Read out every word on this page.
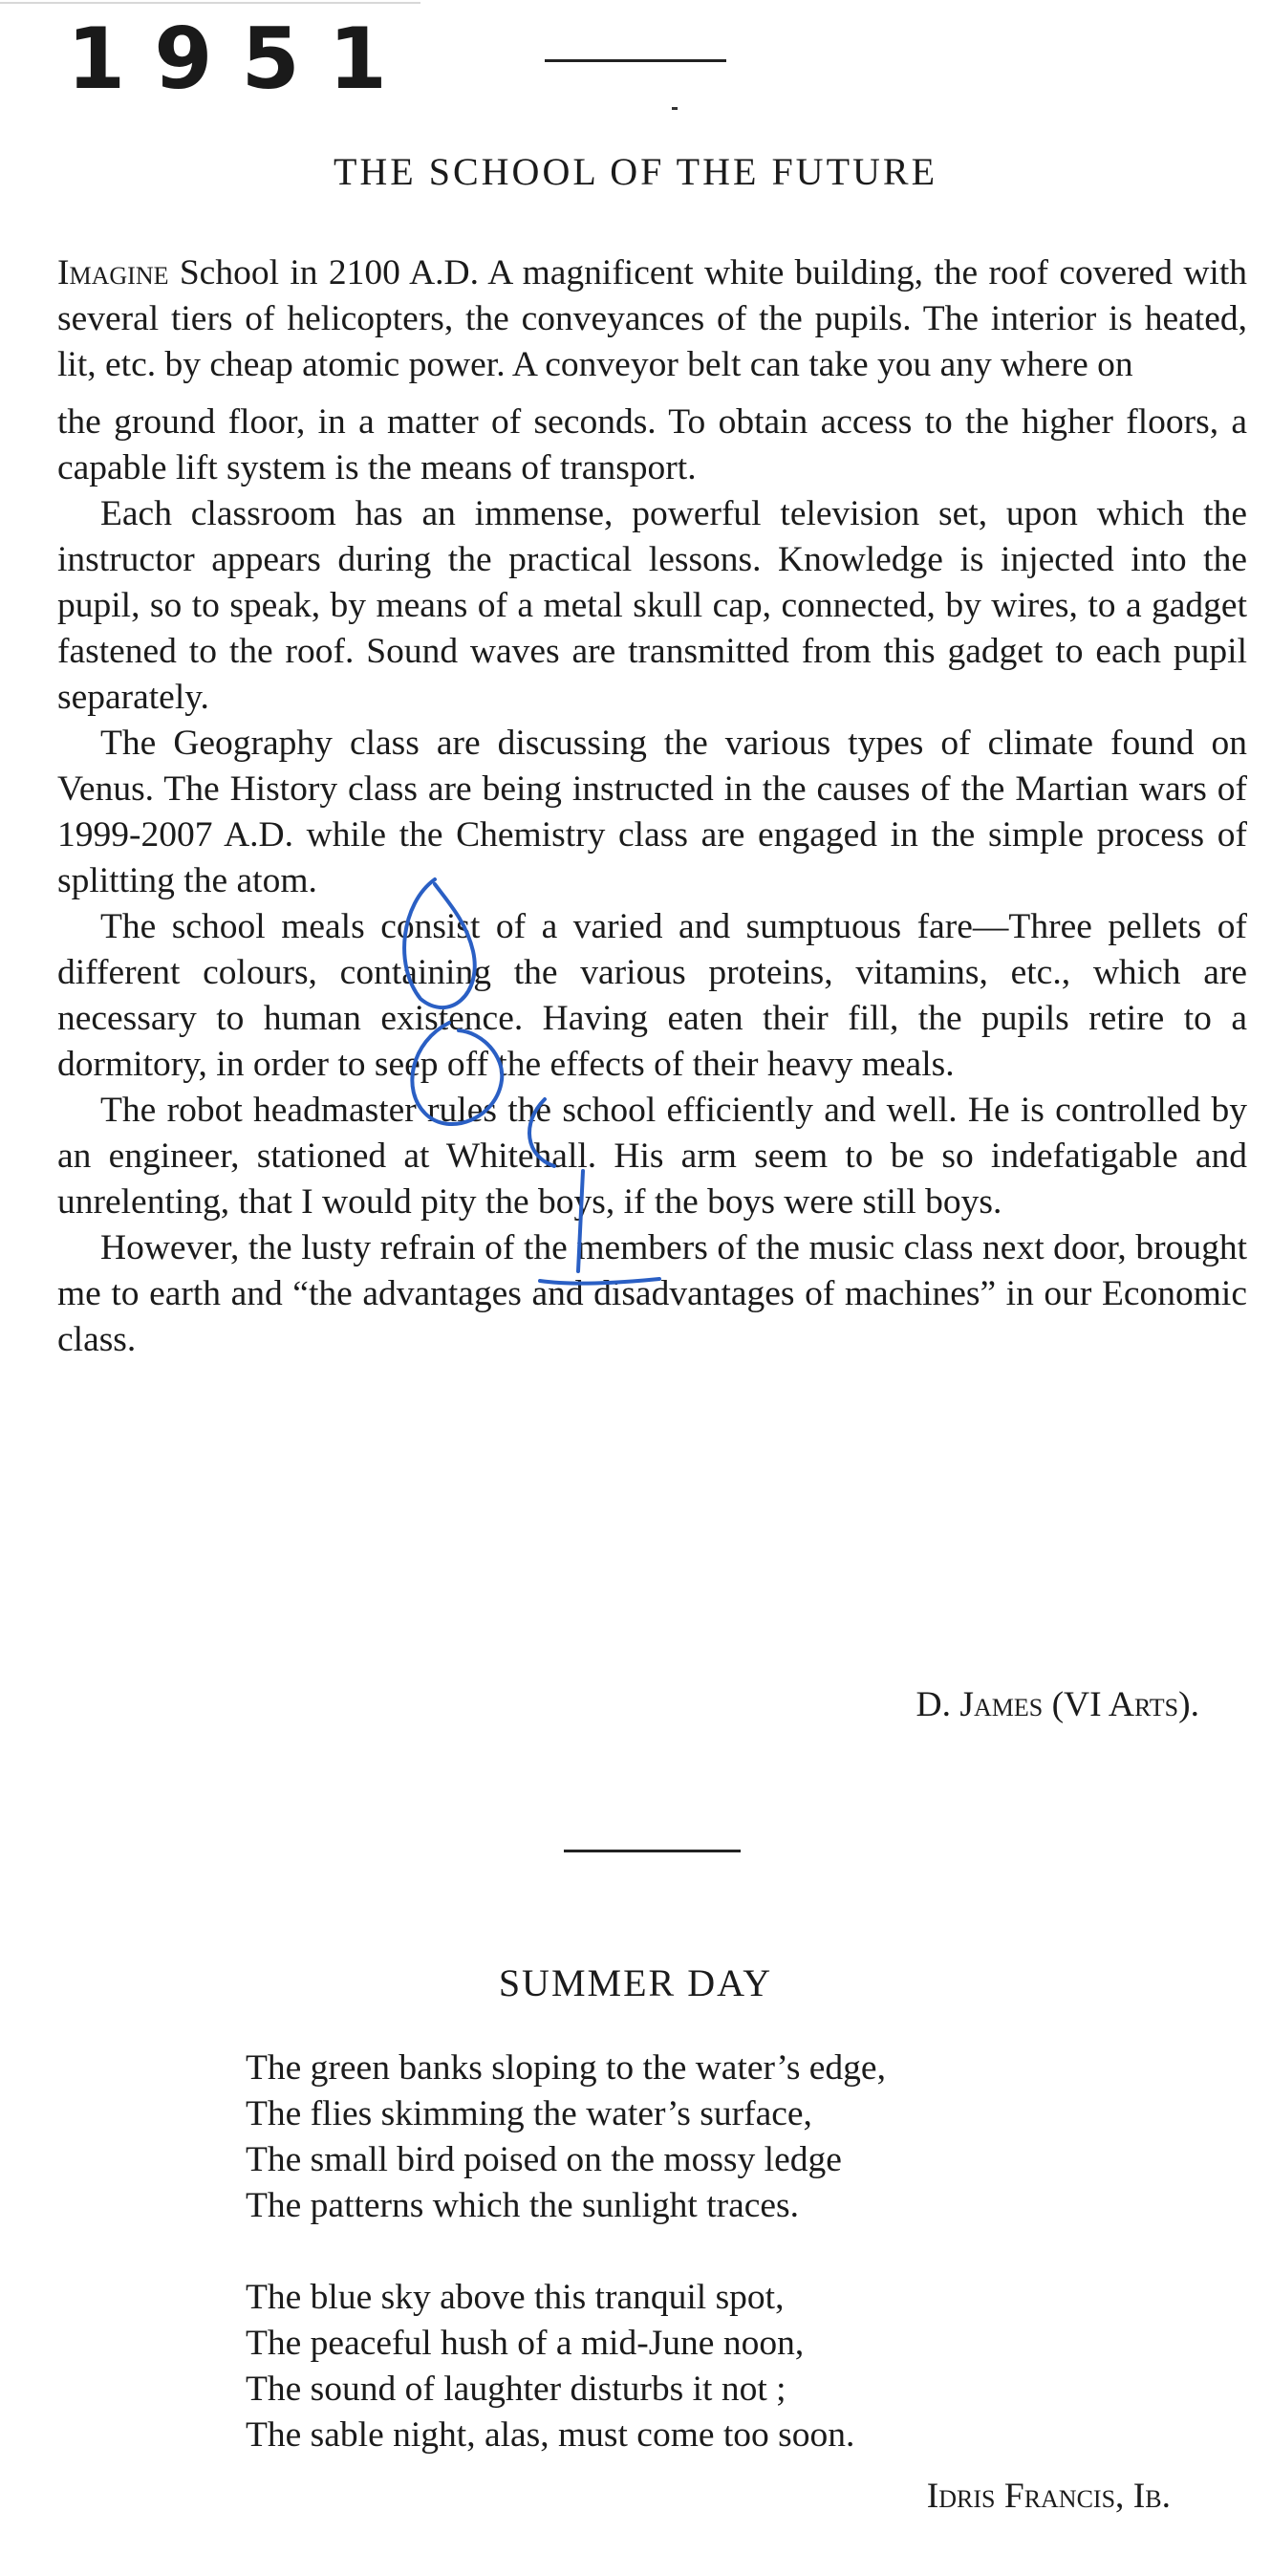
1951
THE SCHOOL OF THE FUTURE

Imagine School in 2100 A.D. A magnificent white building, the roof covered with several tiers of helicopters, the conveyances of the pupils. The interior is heated, lit, etc. by cheap atomic power. A conveyor belt can take you any where on

the ground floor, in a matter of seconds. To obtain access to the higher floors, a capable lift system is the means of transport.

Each classroom has an immense, powerful television set, upon which the instructor appears during the practical lessons. Knowledge is injected into the pupil, so to speak, by means of a metal skull cap, connected, by wires, to a gadget fastened to the roof. Sound waves are transmitted from this gadget to each pupil separately.

The Geography class are discussing the various types of climate found on Venus. The History class are being instructed in the causes of the Martian wars of 1999-2007 A.D. while the Chemistry class are engaged in the simple process of splitting the atom.

The school meals consist of a varied and sumptuous fare—Three pellets of different colours, containing the various proteins, vitamins, etc., which are necessary to human existence. Having eaten their fill, the pupils retire to a dormitory, in order to seep off the effects of their heavy meals.

The robot headmaster rules the school efficiently and well. He is controlled by an engineer, stationed at Whitehall. His arm seem to be so indefatigable and unrelenting, that I would pity the boys, if the boys were still boys.

However, the lusty refrain of the members of the music class next door, brought me to earth and “the advantages and disadvantages of machines” in our Economic class.

D. James (VI Arts).
SUMMER DAY
The green banks sloping to the water’s edge,
The flies skimming the water’s surface,
The small bird poised on the mossy ledge
The patterns which the sunlight traces.
The blue sky above this tranquil spot,
The peaceful hush of a mid-June noon,
The sound of laughter disturbs it not ;
The sable night, alas, must come too soon.
Idris Francis, Ib.
